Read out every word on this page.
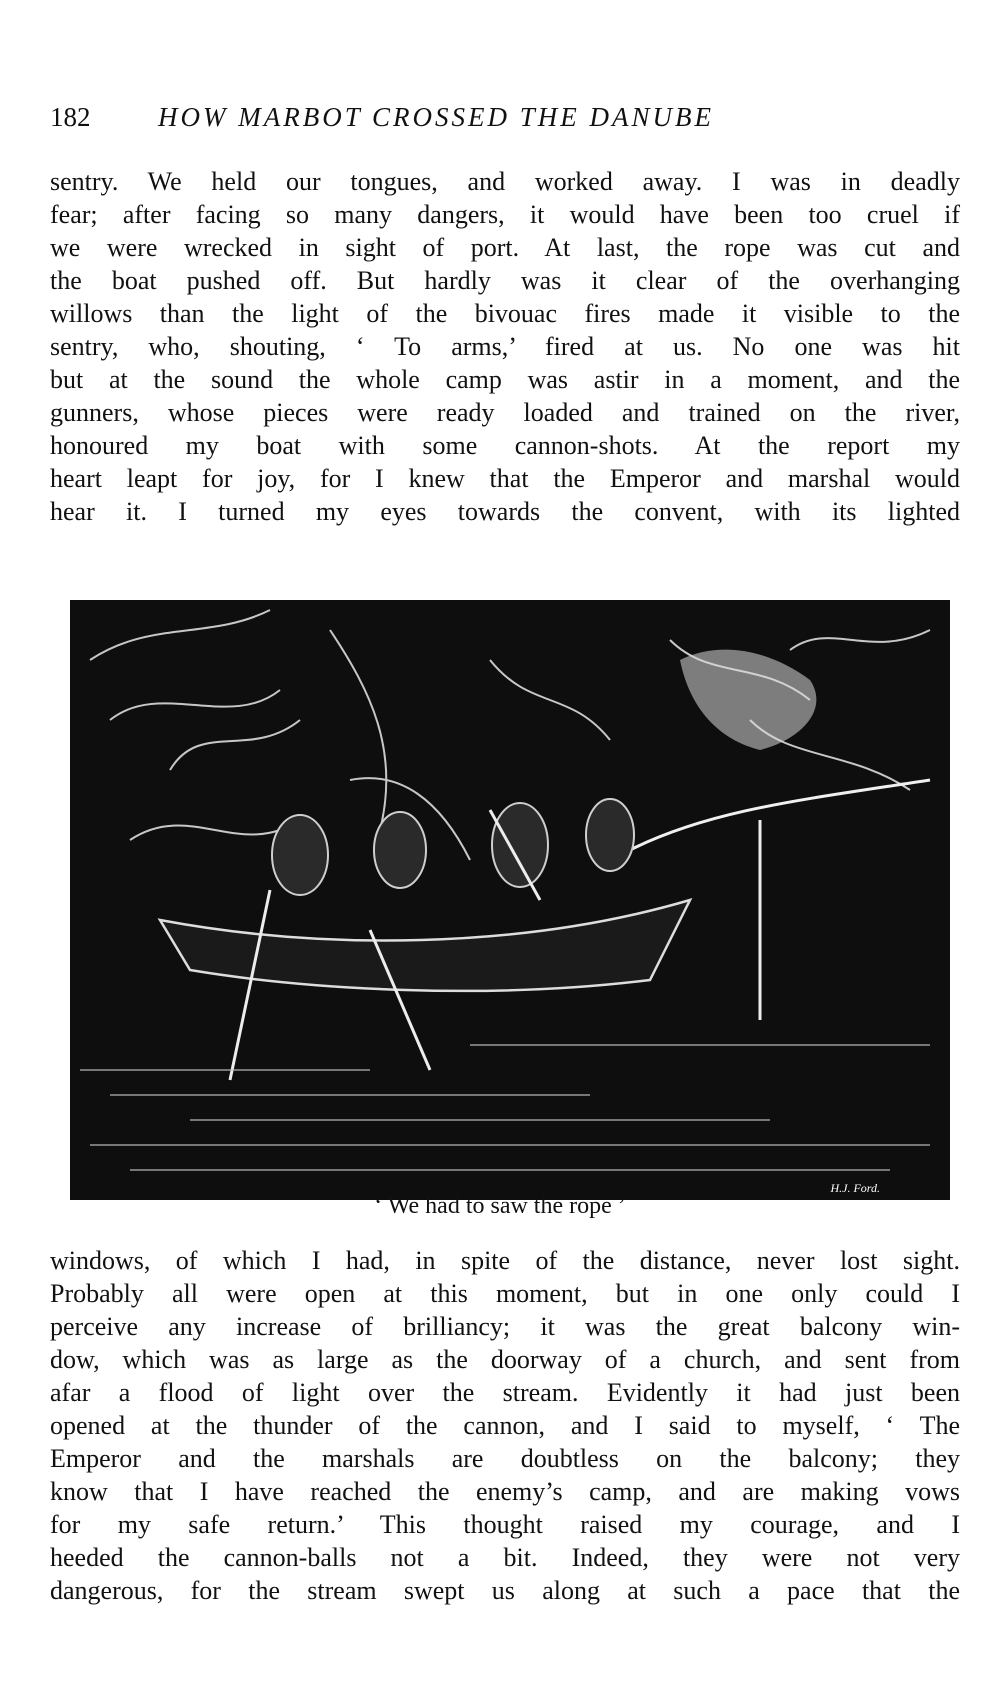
182	HOW MARBOT CROSSED THE DANUBE
sentry. We held our tongues, and worked away. I was in deadly
fear; after facing so many dangers, it would have been too cruel if
we were wrecked in sight of port. At last, the rope was cut and
the boat pushed off. But hardly was it clear of the overhanging
willows than the light of the bivouac fires made it visible to the
sentry, who, shouting, ‘ To arms,’ fired at us. No one was hit
but at the sound the whole camp was astir in a moment, and the
gunners, whose pieces were ready loaded and trained on the river,
honoured my boat with some cannon-shots. At the report my
heart leapt for joy, for I knew that the Emperor and marshal would
hear it. I turned my eyes towards the convent, with its lighted
H.J. Ford.
‘ We had to saw the rope ’
windows, of which I had, in spite of the distance, never lost sight.
Probably all were open at this moment, but in one only could I
perceive any increase of brilliancy; it was the great balcony win-
dow, which was as large as the doorway of a church, and sent from
afar a flood of light over the stream. Evidently it had just been
opened at the thunder of the cannon, and I said to myself, ‘ The
Emperor and the marshals are doubtless on the balcony; they
know that I have reached the enemy’s camp, and are making vows
for my safe return.’ This thought raised my courage, and I
heeded the cannon-balls not a bit. Indeed, they were not very
dangerous, for the stream swept us along at such a pace that the
